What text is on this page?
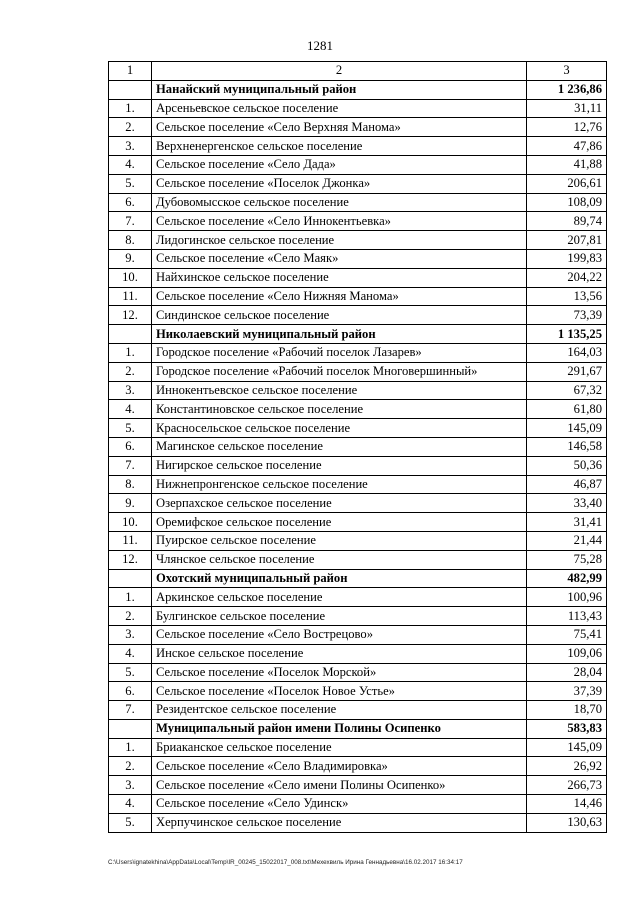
1281
1	2	3
	Нанайский муниципальный район	1 236,86
1.	Арсеньевское сельское поселение	31,11
2.	Сельское поселение «Село Верхняя Манома»	12,76
3.	Верхненергенское сельское поселение	47,86
4.	Сельское поселение «Село Дада»	41,88
5.	Сельское поселение «Поселок Джонка»	206,61
6.	Дубовомысское сельское поселение	108,09
7.	Сельское поселение «Село Иннокентьевка»	89,74
8.	Лидогинское сельское поселение	207,81
9.	Сельское поселение «Село Маяк»	199,83
10.	Найхинское сельское поселение	204,22
11.	Сельское поселение «Село Нижняя Манома»	13,56
12.	Синдинское сельское поселение	73,39
	Николаевский муниципальный район	1 135,25
1.	Городское поселение «Рабочий поселок Лазарев»	164,03
2.	Городское поселение «Рабочий поселок Многовершинный»	291,67
3.	Иннокентьевское сельское поселение	67,32
4.	Константиновское сельское поселение	61,80
5.	Красносельское сельское поселение	145,09
6.	Магинское сельское поселение	146,58
7.	Нигирское сельское поселение	50,36
8.	Нижнепронгенское сельское поселение	46,87
9.	Озерпахское сельское поселение	33,40
10.	Оремифское сельское поселение	31,41
11.	Пуирское сельское поселение	21,44
12.	Члянское сельское поселение	75,28
	Охотский муниципальный район	482,99
1.	Аркинское сельское поселение	100,96
2.	Булгинское сельское поселение	113,43
3.	Сельское поселение «Село Вострецово»	75,41
4.	Инское сельское поселение	109,06
5.	Сельское поселение «Поселок Морской»	28,04
6.	Сельское поселение «Поселок Новое Устье»	37,39
7.	Резидентское сельское поселение	18,70
	Муниципальный район имени Полины Осипенко	583,83
1.	Бриаканское сельское поселение	145,09
2.	Сельское поселение «Село Владимировка»	26,92
3.	Сельское поселение «Село имени Полины Осипенко»	266,73
4.	Сельское поселение «Село Удинск»	14,46
5.	Херпучинское сельское поселение	130,63
C:\Users\ignatekhina\AppData\Local\Temp\IR_00245_15022017_008.txt\Мехехвиль Ирина Геннадьевна\16.02.2017 16:34:17
